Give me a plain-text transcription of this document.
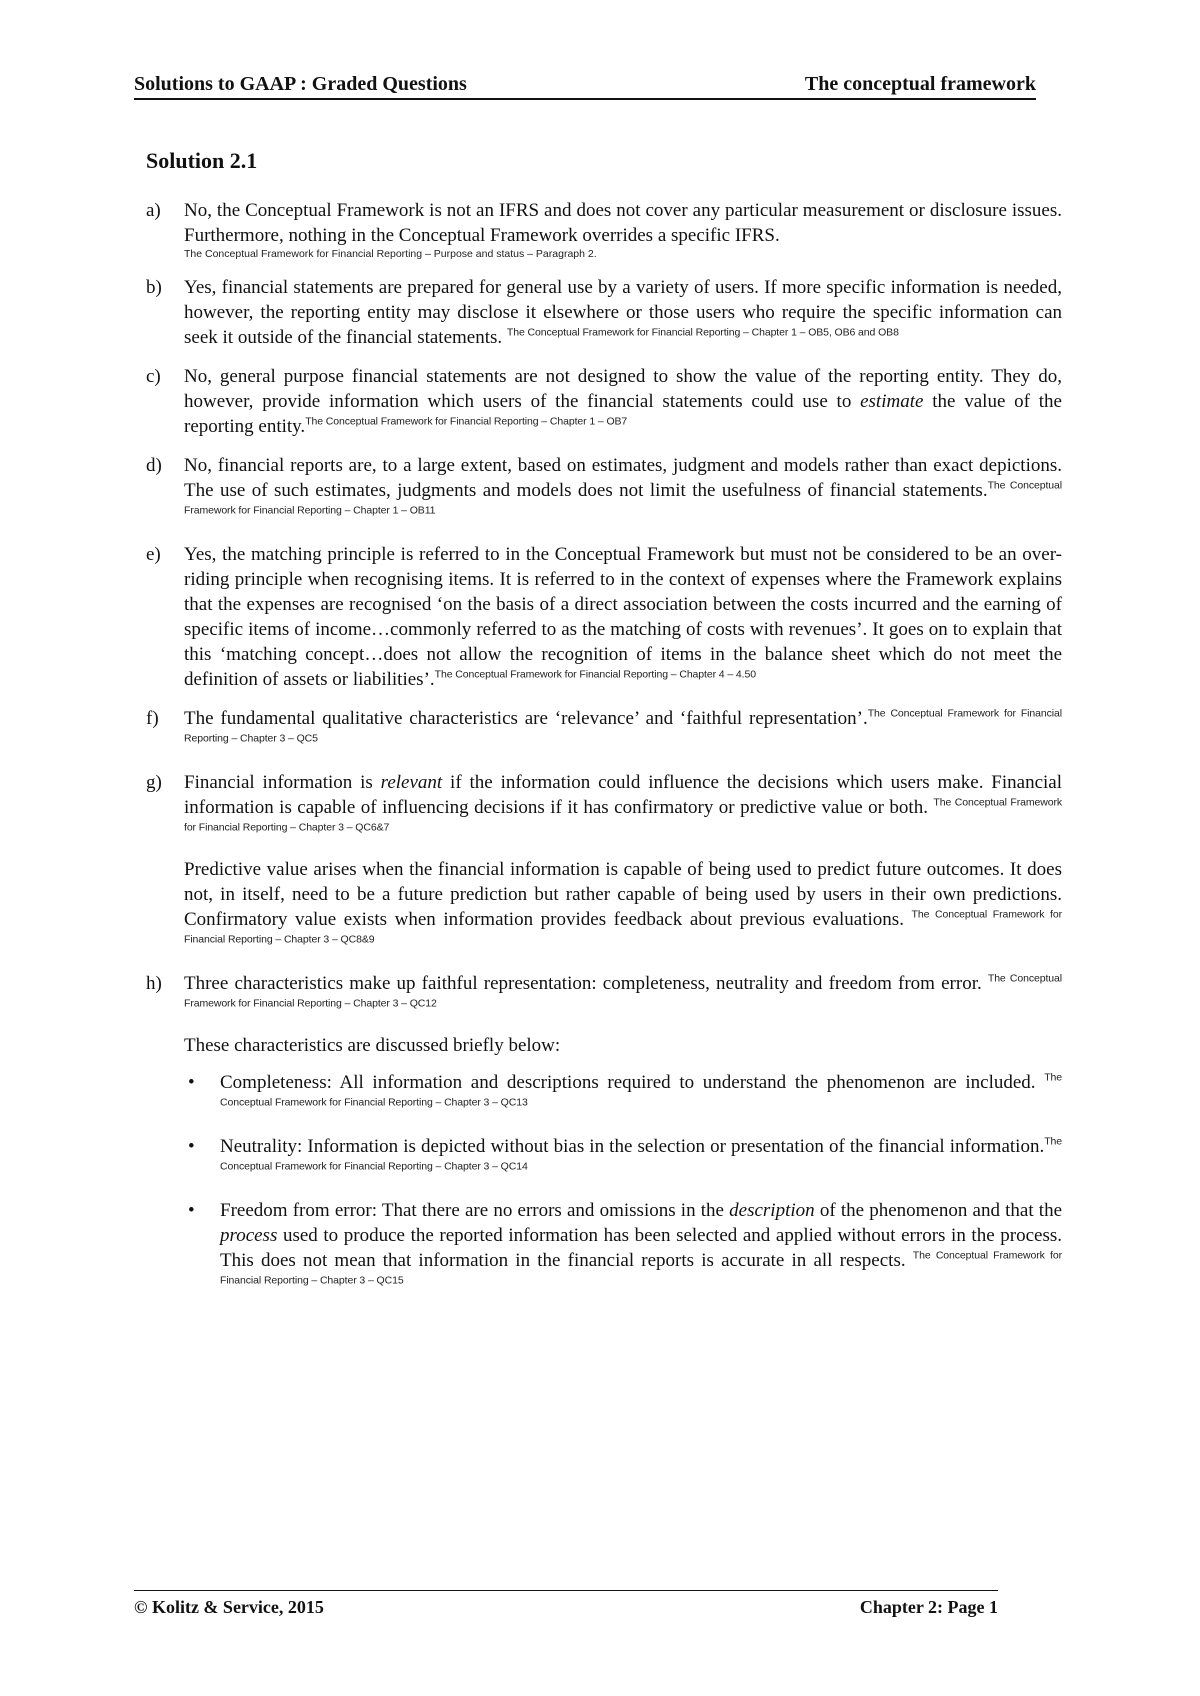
Solutions to GAAP : Graded Questions	The conceptual framework
Solution 2.1
a)	No, the Conceptual Framework is not an IFRS and does not cover any particular measurement or disclosure issues. Furthermore, nothing in the Conceptual Framework overrides a specific IFRS.
The Conceptual Framework for Financial Reporting – Purpose and status – Paragraph 2.

b)	Yes, financial statements are prepared for general use by a variety of users. If more specific information is needed, however, the reporting entity may disclose it elsewhere or those users who require the specific information can seek it outside of the financial statements. $^{The Conceptual Framework for Financial Reporting - Chapter 1 - OB5, OB6 and OB8}$

c)	No, general purpose financial statements are not designed to show the value of the reporting entity. They do, however, provide information which users of the financial statements could use to estimate the value of the reporting entity.$^{The Conceptual Framework for Financial Reporting - Chapter 1 - OB7}$

d)	No, financial reports are, to a large extent, based on estimates, judgment and models rather than exact depictions. The use of such estimates, judgments and models does not limit the usefulness of financial statements.$^{The Conceptual Framework for Financial Reporting - Chapter 1 - OB11}$

e)	Yes, the matching principle is referred to in the Conceptual Framework but must not be considered to be an over-riding principle when recognising items. It is referred to in the context of expenses where the Framework explains that the expenses are recognised ‘on the basis of a direct association between the costs incurred and the earning of specific items of income…commonly referred to as the matching of costs with revenues’. It goes on to explain that this ‘matching concept…does not allow the recognition of items in the balance sheet which do not meet the definition of assets or liabilities’.$^{The Conceptual Framework for Financial Reporting - Chapter 4 - 4.50}$

f)	The fundamental qualitative characteristics are ‘relevance’ and ‘faithful representation’.$^{The Conceptual Framework for Financial Reporting - Chapter 3 - QC5}$

g)	Financial information is relevant if the information could influence the decisions which users make. Financial information is capable of influencing decisions if it has confirmatory or predictive value or both. $^{The Conceptual Framework for Financial Reporting - Chapter 3 - QC6\&7}$

Predictive value arises when the financial information is capable of being used to predict future outcomes. It does not, in itself, need to be a future prediction but rather capable of being used by users in their own predictions. Confirmatory value exists when information provides feedback about previous evaluations. $^{The Conceptual Framework for Financial Reporting - Chapter 3 - QC8\&9}$

h)	Three characteristics make up faithful representation: completeness, neutrality and freedom from error. $^{The Conceptual Framework for Financial Reporting - Chapter 3 - QC12}$

These characteristics are discussed briefly below:

•	Completeness: All information and descriptions required to understand the phenomenon are included. $^{The Conceptual Framework for Financial Reporting - Chapter 3 - QC13}$
•	Neutrality: Information is depicted without bias in the selection or presentation of the financial information.$^{The Conceptual Framework for Financial Reporting - Chapter 3 - QC14}$
•	Freedom from error: That there are no errors and omissions in the description of the phenomenon and that the process used to produce the reported information has been selected and applied without errors in the process. This does not mean that information in the financial reports is accurate in all respects. $^{The Conceptual Framework for Financial Reporting - Chapter 3 - QC15}$
© Kolitz & Service, 2015	Chapter 2: Page 1
